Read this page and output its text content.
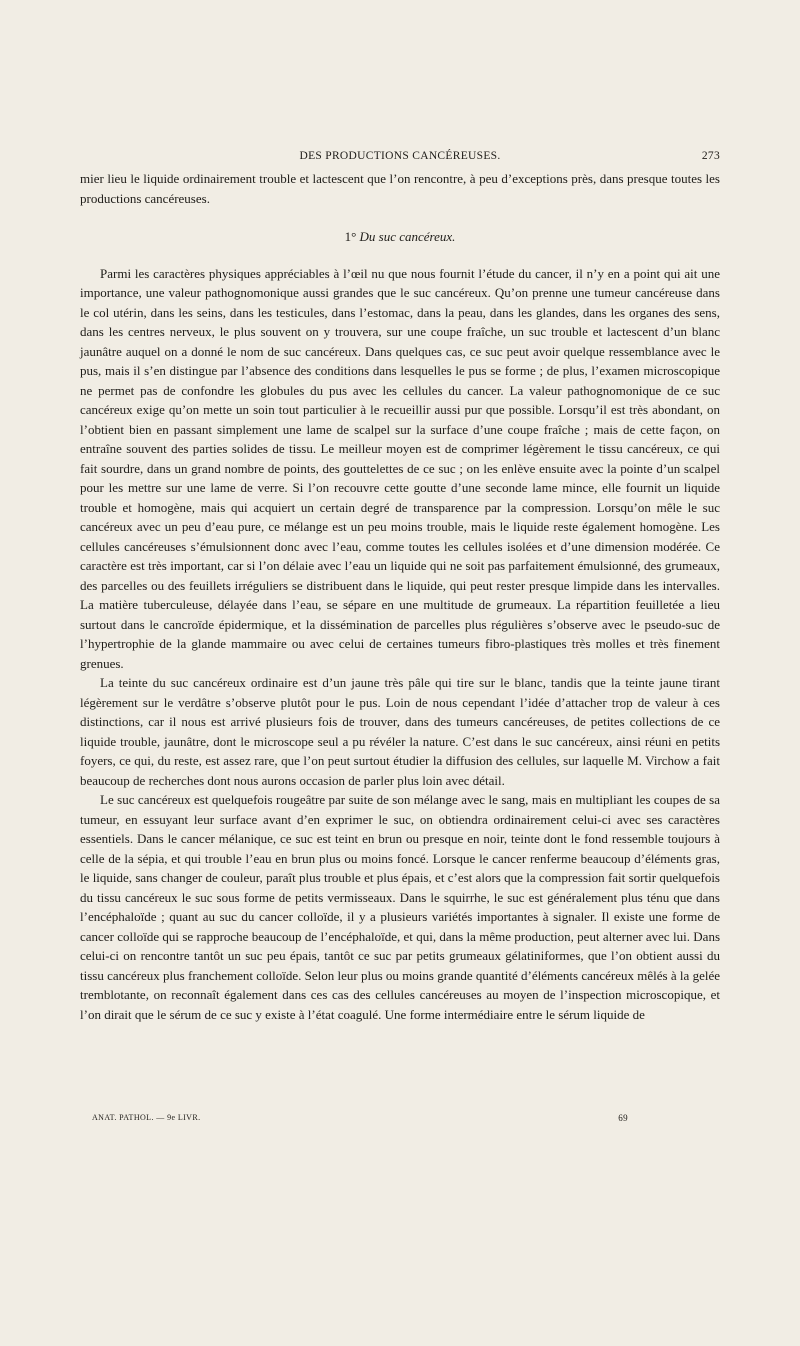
DES PRODUCTIONS CANCÉREUSES.	273

mier lieu le liquide ordinairement trouble et lactescent que l’on rencontre, à peu d’exceptions près, dans presque toutes les productions cancéreuses.

1° Du suc cancéreux.

Parmi les caractères physiques appréciables à l’œil nu que nous fournit l’étude du cancer, il n’y en a point qui ait une importance, une valeur pathognomonique aussi grandes que le suc cancéreux. Qu’on prenne une tumeur cancéreuse dans le col utérin, dans les seins, dans les testicules, dans l’estomac, dans la peau, dans les glandes, dans les organes des sens, dans les centres nerveux, le plus souvent on y trouvera, sur une coupe fraîche, un suc trouble et lactescent d’un blanc jaunâtre auquel on a donné le nom de suc cancéreux. Dans quelques cas, ce suc peut avoir quelque ressemblance avec le pus, mais il s’en distingue par l’absence des conditions dans lesquelles le pus se forme ; de plus, l’examen microscopique ne permet pas de confondre les globules du pus avec les cellules du cancer. La valeur pathognomonique de ce suc cancéreux exige qu’on mette un soin tout particulier à le recueillir aussi pur que possible. Lorsqu’il est très abondant, on l’obtient bien en passant simplement une lame de scalpel sur la surface d’une coupe fraîche ; mais de cette façon, on entraîne souvent des parties solides de tissu. Le meilleur moyen est de comprimer légèrement le tissu cancéreux, ce qui fait sourdre, dans un grand nombre de points, des gouttelettes de ce suc ; on les enlève ensuite avec la pointe d’un scalpel pour les mettre sur une lame de verre. Si l’on recouvre cette goutte d’une seconde lame mince, elle fournit un liquide trouble et homogène, mais qui acquiert un certain degré de transparence par la compression. Lorsqu’on mêle le suc cancéreux avec un peu d’eau pure, ce mélange est un peu moins trouble, mais le liquide reste également homogène. Les cellules cancéreuses s’émulsionnent donc avec l’eau, comme toutes les cellules isolées et d’une dimension modérée. Ce caractère est très important, car si l’on délaie avec l’eau un liquide qui ne soit pas parfaitement émulsionné, des grumeaux, des parcelles ou des feuillets irréguliers se distribuent dans le liquide, qui peut rester presque limpide dans les intervalles. La matière tuberculeuse, délayée dans l’eau, se sépare en une multitude de grumeaux. La répartition feuilletée a lieu surtout dans le cancroïde épidermique, et la dissémination de parcelles plus régulières s’observe avec le pseudo-suc de l’hypertrophie de la glande mammaire ou avec celui de certaines tumeurs fibro-plastiques très molles et très finement grenues.

La teinte du suc cancéreux ordinaire est d’un jaune très pâle qui tire sur le blanc, tandis que la teinte jaune tirant légèrement sur le verdâtre s’observe plutôt pour le pus. Loin de nous cependant l’idée d’attacher trop de valeur à ces distinctions, car il nous est arrivé plusieurs fois de trouver, dans des tumeurs cancéreuses, de petites collections de ce liquide trouble, jaunâtre, dont le microscope seul a pu révéler la nature. C’est dans le suc cancéreux, ainsi réuni en petits foyers, ce qui, du reste, est assez rare, que l’on peut surtout étudier la diffusion des cellules, sur laquelle M. Virchow a fait beaucoup de recherches dont nous aurons occasion de parler plus loin avec détail.

Le suc cancéreux est quelquefois rougeâtre par suite de son mélange avec le sang, mais en multipliant les coupes de sa tumeur, en essuyant leur surface avant d’en exprimer le suc, on obtiendra ordinairement celui-ci avec ses caractères essentiels. Dans le cancer mélanique, ce suc est teint en brun ou presque en noir, teinte dont le fond ressemble toujours à celle de la sépia, et qui trouble l’eau en brun plus ou moins foncé. Lorsque le cancer renferme beaucoup d’éléments gras, le liquide, sans changer de couleur, paraît plus trouble et plus épais, et c’est alors que la compression fait sortir quelquefois du tissu cancéreux le suc sous forme de petits vermisseaux. Dans le squirrhe, le suc est généralement plus ténu que dans l’encéphaloïde ; quant au suc du cancer colloïde, il y a plusieurs variétés importantes à signaler. Il existe une forme de cancer colloïde qui se rapproche beaucoup de l’encéphaloïde, et qui, dans la même production, peut alterner avec lui. Dans celui-ci on rencontre tantôt un suc peu épais, tantôt ce suc par petits grumeaux gélatiniformes, que l’on obtient aussi du tissu cancéreux plus franchement colloïde. Selon leur plus ou moins grande quantité d’éléments cancéreux mêlés à la gelée tremblotante, on reconnaît également dans ces cas des cellules cancéreuses au moyen de l’inspection microscopique, et l’on dirait que le sérum de ce suc y existe à l’état coagulé. Une forme intermédiaire entre le sérum liquide de

ANAT. PATHOL. — 9e LIVR.	69
